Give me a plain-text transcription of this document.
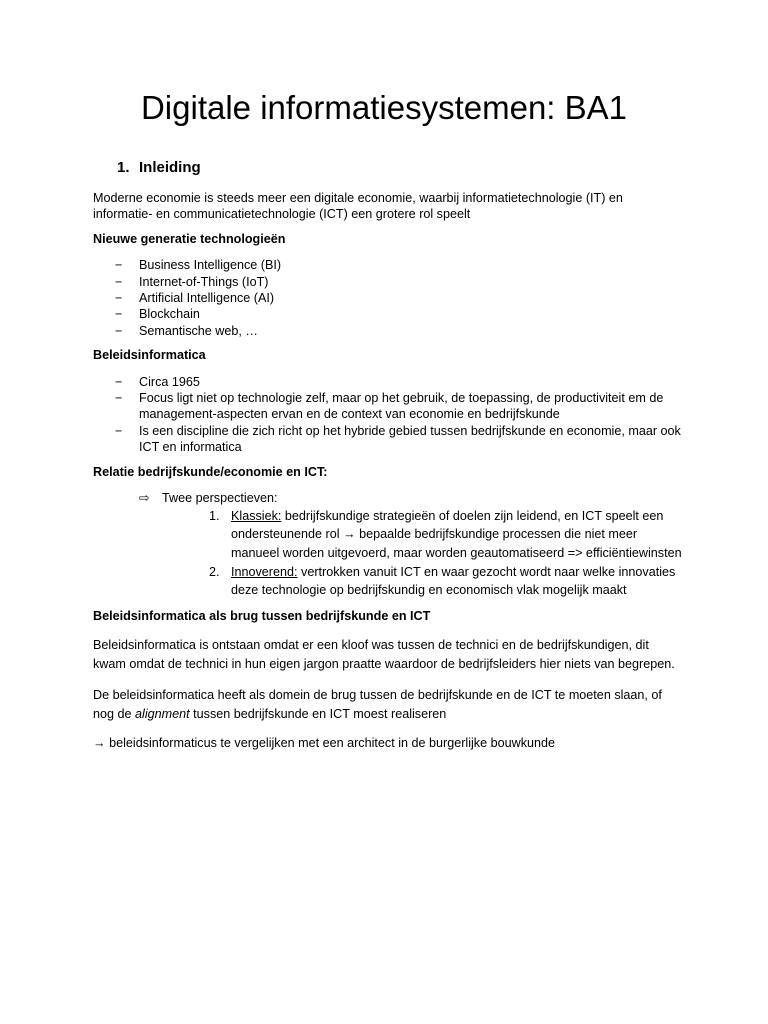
Digitale informatiesystemen: BA1
1. Inleiding

Moderne economie is steeds meer een digitale economie, waarbij informatietechnologie (IT) en informatie- en communicatietechnologie (ICT) een grotere rol speelt

Nieuwe generatie technologieën
− Business Intelligence (BI)
− Internet-of-Things (IoT)
− Artificial Intelligence (AI)
− Blockchain
− Semantische web, …
Beleidsinformatica
− Circa 1965
− Focus ligt niet op technologie zelf, maar op het gebruik, de toepassing, de productiviteit em de management-aspecten ervan en de context van economie en bedrijfskunde
− Is een discipline die zich richt op het hybride gebied tussen bedrijfskunde en economie, maar ook ICT en informatica
Relatie bedrijfskunde/economie en ICT:
⇨ Twee perspectieven:
1. Klassiek: bedrijfskundige strategieën of doelen zijn leidend, en ICT speelt een ondersteunende rol → bepaalde bedrijfskundige processen die niet meer manueel worden uitgevoerd, maar worden geautomatiseerd => efficiëntiewinsten
2. Innoverend: vertrokken vanuit ICT en waar gezocht wordt naar welke innovaties deze technologie op bedrijfskundig en economisch vlak mogelijk maakt
Beleidsinformatica als brug tussen bedrijfskunde en ICT

Beleidsinformatica is ontstaan omdat er een kloof was tussen de technici en de bedrijfskundigen, dit kwam omdat de technici in hun eigen jargon praatte waardoor de bedrijfsleiders hier niets van begrepen.

De beleidsinformatica heeft als domein de brug tussen de bedrijfskunde en de ICT te moeten slaan, of nog de alignment tussen bedrijfskunde en ICT moest realiseren

→ beleidsinformaticus te vergelijken met een architect in de burgerlijke bouwkunde
